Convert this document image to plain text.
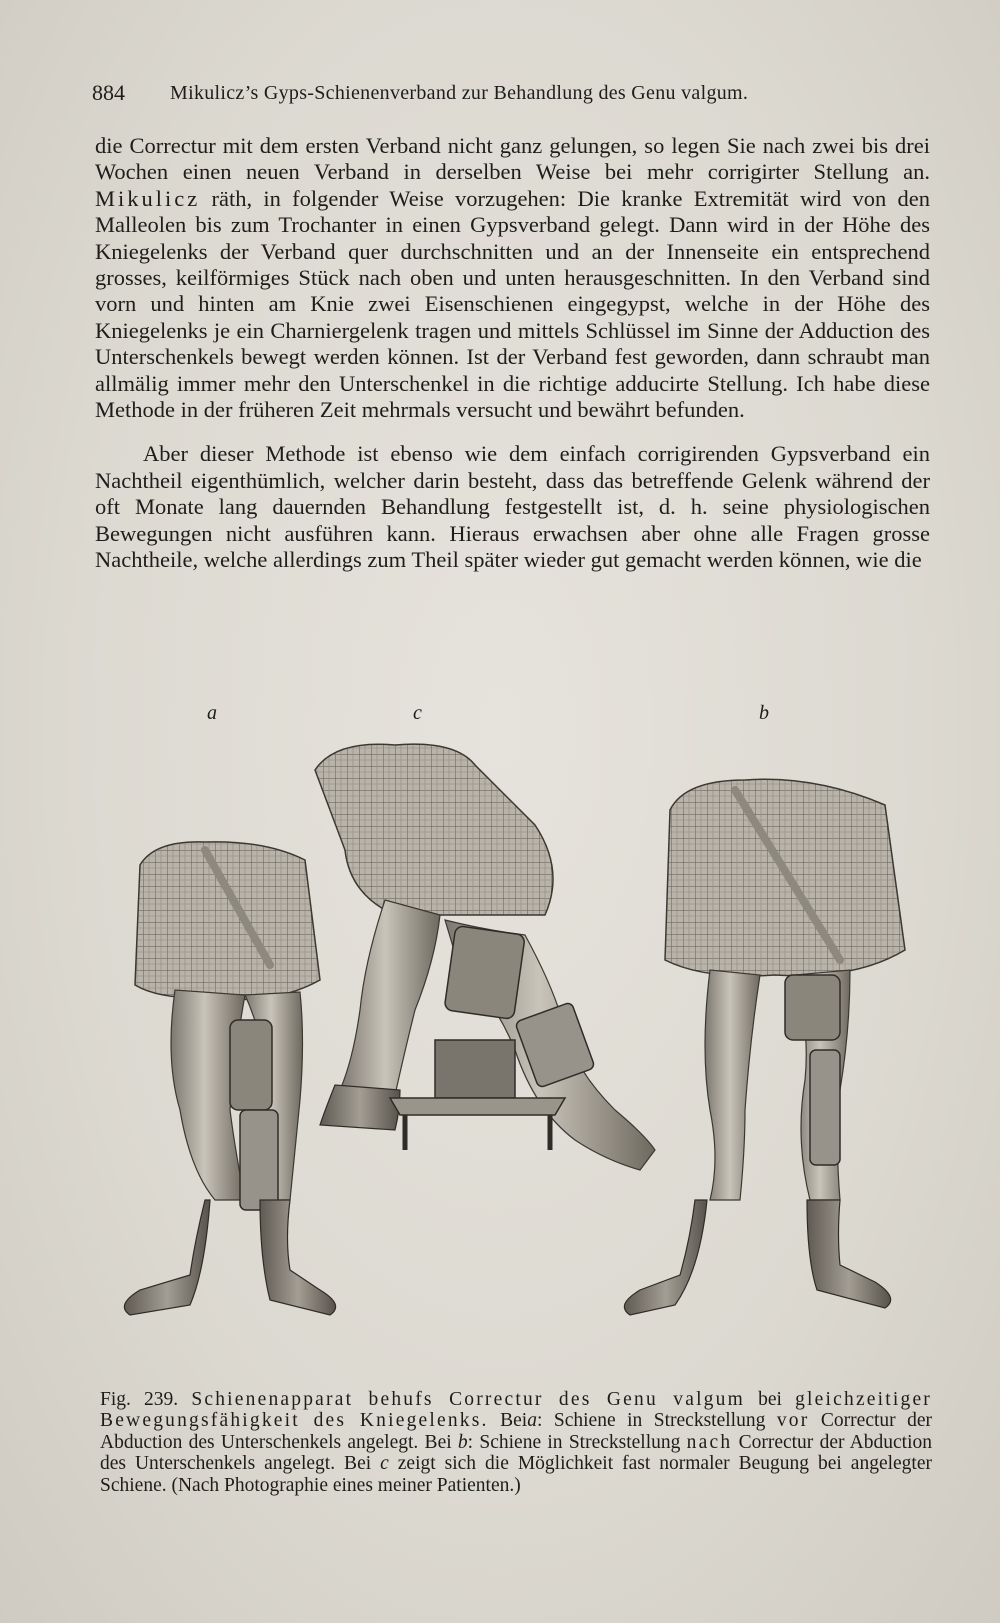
884 Mikulicz’s Gyps-Schienenverband zur Behandlung des Genu valgum.

die Correctur mit dem ersten Verband nicht ganz gelungen, so legen Sie nach zwei bis drei Wochen einen neuen Verband in derselben Weise bei mehr corrigirter Stellung an. Mikulicz räth, in folgender Weise vorzugehen: Die kranke Extremität wird von den Malleolen bis zum Trochanter in einen Gypsverband gelegt. Dann wird in der Höhe des Kniegelenks der Verband quer durchschnitten und an der Innenseite ein entsprechend grosses, keilförmiges Stück nach oben und unten herausgeschnitten. In den Verband sind vorn und hinten am Knie zwei Eisenschienen eingegypst, welche in der Höhe des Kniegelenks je ein Charniergelenk tragen und mittels Schlüssel im Sinne der Adduction des Unterschenkels bewegt werden können. Ist der Verband fest geworden, dann schraubt man allmälig immer mehr den Unterschenkel in die richtige adducirte Stellung. Ich habe diese Methode in der früheren Zeit mehrmals versucht und bewährt befunden.

Aber dieser Methode ist ebenso wie dem einfach corrigirenden Gypsverband ein Nachtheil eigenthümlich, welcher darin besteht, dass das betreffende Gelenk während der oft Monate lang dauernden Behandlung festgestellt ist, d. h. seine physiologischen Bewegungen nicht ausführen kann. Hieraus erwachsen aber ohne alle Fragen grosse Nachtheile, welche allerdings zum Theil später wieder gut gemacht werden können, wie die

a	c	b
Fig. 239. Schienenapparat behufs Correctur des Genu valgum bei gleichzeitiger Bewegungsfähigkeit des Kniegelenks. Beia: Schiene in Streckstellung vor Correctur der Abduction des Unterschenkels angelegt. Bei b: Schiene in Streckstellung nach Correctur der Abduction des Unterschenkels angelegt. Bei c zeigt sich die Möglichkeit fast normaler Beugung bei angelegter Schiene. (Nach Photographie eines meiner Patienten.)
